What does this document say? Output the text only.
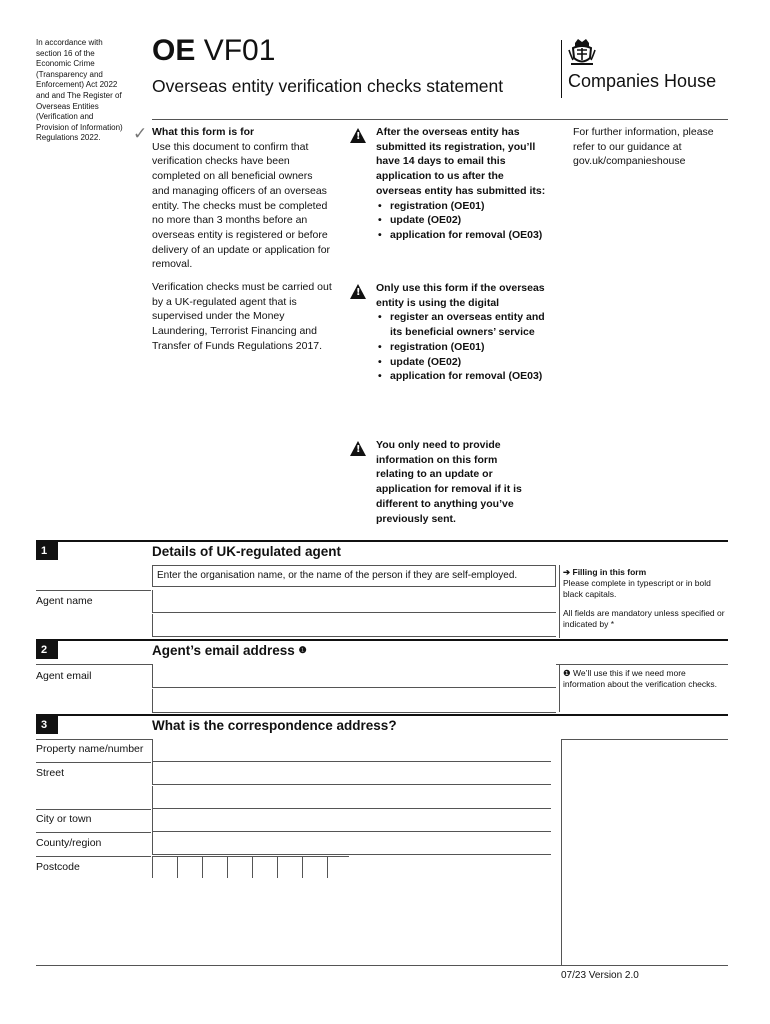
In accordance with section 16 of the Economic Crime (Transparency and Enforcement) Act 2022 and and The Register of Overseas Entities (Verification and Provision of Information) Regulations 2022.
OE VF01
Overseas entity verification checks statement	Companies House
✓ What this form is for
Use this document to confirm that verification checks have been completed on all beneficial owners and managing officers of an overseas entity. The checks must be completed no more than 3 months before an overseas entity is registered or before delivery of an update or application for removal.
Verification checks must be carried out by a UK-regulated agent that is supervised under the Money Laundering, Terrorist Financing and Transfer of Funds Regulations 2017.
!
After the overseas entity has submitted its registration, you’ll have 14 days to email this application to us after the overseas entity has submitted its:
• registration (OE01)
• update (OE02)
• application for removal (OE03)
!
Only use this form if the overseas entity is using the digital
• register an overseas entity and its beneficial owners’ service
• registration (OE01)
• update (OE02)
• application for removal (OE03)
!
You only need to provide information on this form relating to an update or application for removal if it is different to anything you’ve previously sent.
For further information, please refer to our guidance at gov.uk/companieshouse
1	Details of UK-regulated agent
Enter the organisation name, or the name of the person if they are self-employed.
Agent name
➔ Filling in this form
Please complete in typescript or in bold black capitals.
All fields are mandatory unless specified or indicated by *
2	Agent’s email address ❶
Agent email	❶ We’ll use this if we need more information about the verification checks.
3	What is the correspondence address?
Property name/number
Street
City or town
County/region
Postcode
07/23 Version 2.0
